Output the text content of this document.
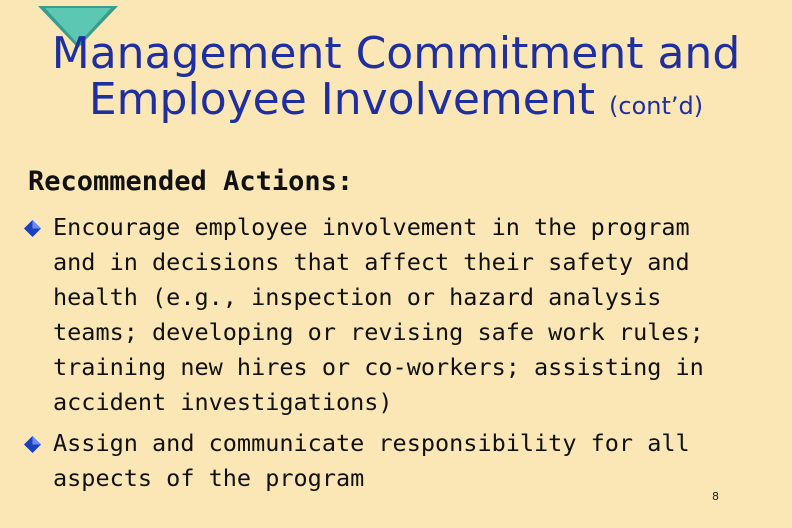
Management Commitment and
Employee Involvement (cont’d)
Recommended Actions:
Encourage employee involvement in the program and in decisions that affect their safety and health (e.g., inspection or hazard analysis teams; developing or revising safe work rules; training new hires or co-workers; assisting in accident investigations)
Assign and communicate responsibility for all aspects of the program
8
